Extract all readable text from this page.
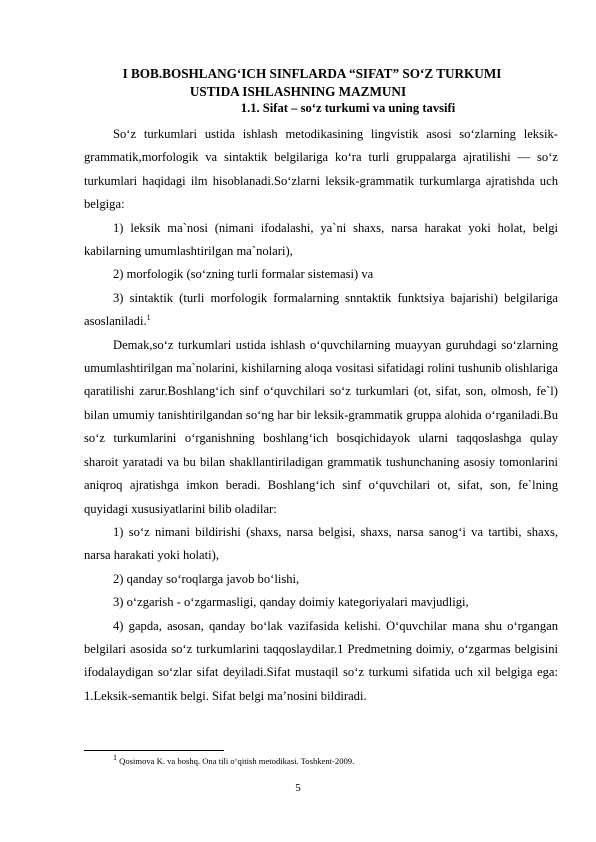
I BOB.BOSHLANG‘ICH SINFLARDA “SIFAT” SO‘Z TURKUMI
USTIDA ISHLASHNING MAZMUNI
1.1. Sifat – so‘z turkumi va uning tavsifi

So‘z turkumlari ustida ishlash metodikasining lingvistik asosi so‘zlarning leksik-grammatik,morfologik va sintaktik belgilariga ko‘ra turli gruppalarga ajratilishi — so‘z turkumlari haqidagi ilm hisoblanadi.So‘zlarni leksik-grammatik turkumlarga ajratishda uch belgiga:

1) leksik ma`nosi (nimani ifodalashi, ya`ni shaxs, narsa harakat yoki holat, belgi kabilarning umumlashtirilgan ma`nolari),

2) morfologik (so‘zning turli formalar sistemasi) va

3) sintaktik (turli morfologik formalarning snntaktik funktsiya bajarishi) belgilariga asoslaniladi.$^1$

Demak,so‘z turkumlari ustida ishlash o‘quvchilarning muayyan guruhdagi so‘zlarning umumlashtirilgan ma`nolarini, kishilarning aloqa vositasi sifatidagi rolini tushunib olishlariga qaratilishi zarur.Boshlang‘ich sinf o‘quvchilari so‘z turkumlari (ot, sifat, son, olmosh, fe`l) bilan umumiy tanishtirilgandan so‘ng har bir leksik-grammatik gruppa alohida o‘rganiladi.Bu so‘z turkumlarini o‘rganishning boshlang‘ich bosqichidayok ularni taqqoslashga qulay sharoit yaratadi va bu bilan shakllantiriladigan grammatik tushunchaning asosiy tomonlarini aniqroq ajratishga imkon beradi. Boshlang‘ich sinf o‘quvchilari ot, sifat, son, fe`lning quyidagi xususiyatlarini bilib oladilar:

1) so‘z nimani bildirishi (shaxs, narsa belgisi, shaxs, narsa sanog‘i va tartibi, shaxs, narsa harakati yoki holati),

2) qanday so‘roqlarga javob bo‘lishi,

3) o‘zgarish - o‘zgarmasligi, qanday doimiy kategoriyalari mavjudligi,

4) gapda, asosan, qanday bo‘lak vazifasida kelishi. O‘quvchilar mana shu o‘rgangan belgilari asosida so‘z turkumlarini taqqoslaydilar.1 Predmetning doimiy, o‘zgarmas belgisini ifodalaydigan so‘zlar sifat deyiladi.Sifat mustaqil so‘z turkumi sifatida uch xil belgiga ega: 1.Leksik-semantik belgi. Sifat belgi ma’nosini bildiradi.

$^1$ Qosimova K. va boshq. Ona tili o‘qitish metodikasi. Toshkent-2009.
5
